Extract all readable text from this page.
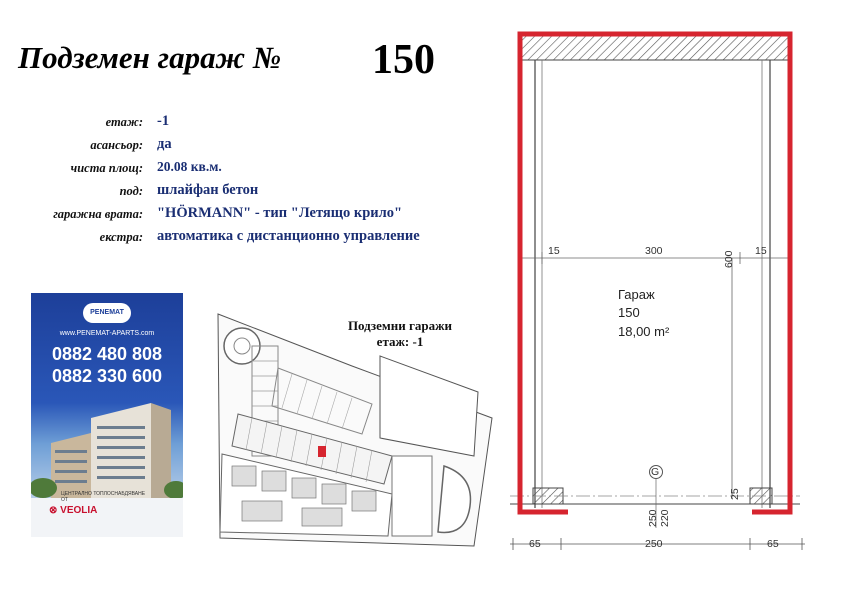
Подземен гараж № 150
етаж: -1
асансьор: да
чиста площ: 20.08 кв.м.
под: шлайфан бетон
гаражна врата: "HÖRMANN" - тип "Летящо крило"
екстра: автоматика с дистанционно управление
PENEMAT
www.PENEMAT-APARTS.com
0882 480 808
0882 330 600
ЦЕНТРАЛНО ТОПЛОСНАБДЯВАНЕ ОТ
⊗ VEOLIA
Подземни гаражи
етаж: -1
Гараж
150
18,00 m²
15	300	15
600
G
25
250 220
65	250	65
